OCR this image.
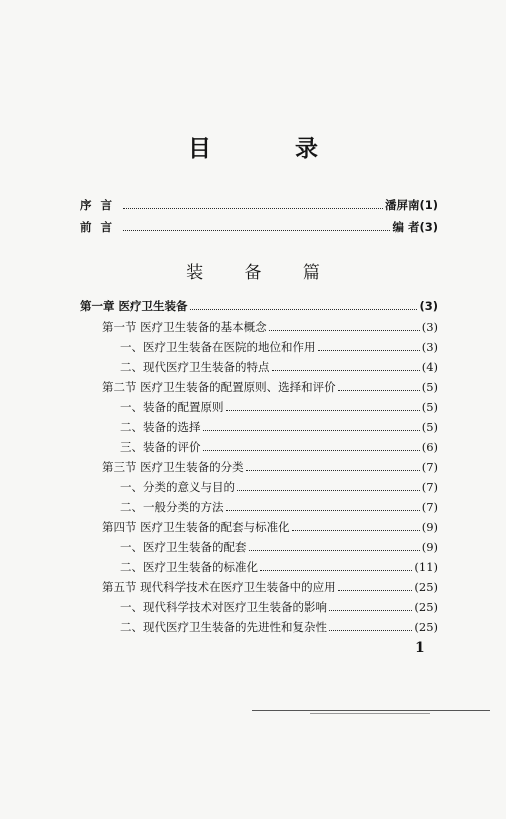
目 录
序言	潘屏南(1)
前言	编 者(3)
装 备 篇
第一章 医疗卫生装备	(3)
第一节 医疗卫生装备的基本概念	(3)
一、医疗卫生装备在医院的地位和作用	(3)
二、现代医疗卫生装备的特点	(4)
第二节 医疗卫生装备的配置原则、选择和评价	(5)
一、装备的配置原则	(5)
二、装备的选择	(5)
三、装备的评价	(6)
第三节 医疗卫生装备的分类	(7)
一、分类的意义与目的	(7)
二、一般分类的方法	(7)
第四节 医疗卫生装备的配套与标准化	(9)
一、医疗卫生装备的配套	(9)
二、医疗卫生装备的标准化	(11)
第五节 现代科学技术在医疗卫生装备中的应用	(25)
一、现代科学技术对医疗卫生装备的影响	(25)
二、现代医疗卫生装备的先进性和复杂性	(25)
1
